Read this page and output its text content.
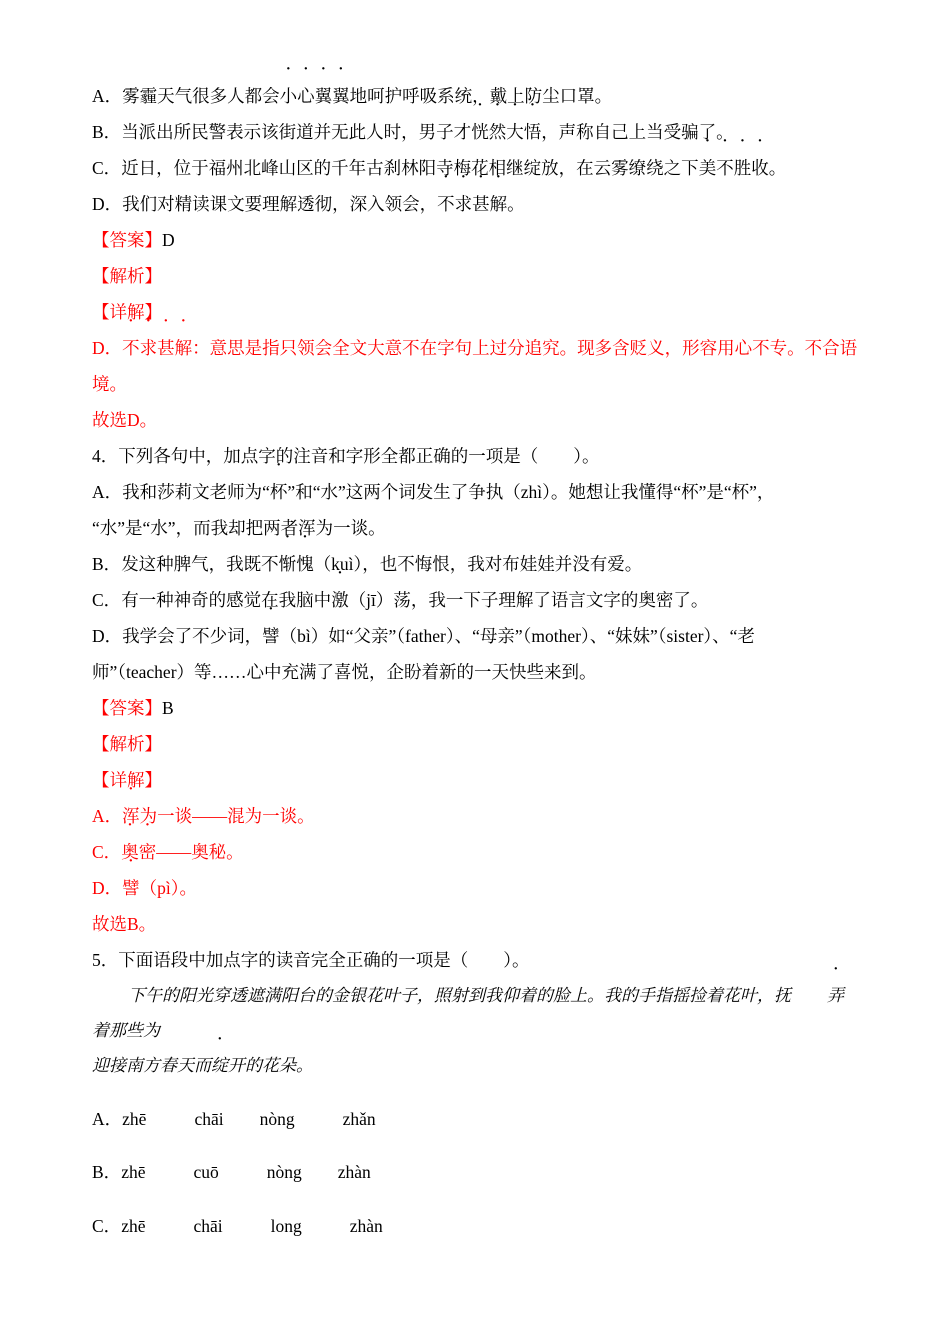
A．雾霾天气很多人都会小心翼翼地呵护呼吸系统，戴上防尘口罩。

B．当派出所民警表示该街道并无此人时，男子才恍然大悟，声称自己上当受骗了。

C．近日，位于福州北峰山区的千年古刹林阳寺梅花相继绽放，在云雾缭绕之下美不胜收。

D．我们对精读课文要理解透彻，深入领会，不求甚解。

【答案】D

【解析】

【详解】

D．不求甚解：意思是指只领会全文大意不在字句上过分追究。现多含贬义，形容用心不专。不合语境。

故选D。

4．下列各句中，加点字的注音和字形全都正确的一项是（        ）。

A．我和莎莉文老师为“杯”和“水”这两个词发生了争执（zhì）。她想让我懂得“杯”是“杯”，

“水”是“水”，而我却把两者浑为一谈。

B．发这种脾气，我既不惭愧（kuì），也不悔恨，我对布娃娃并没有爱。

C．有一种神奇的感觉在我脑中激（jī）荡，我一下子理解了语言文字的奥密了。

D．我学会了不少词，譬（bì）如“父亲”（father）、“母亲”（mother）、“妹妹”（sister）、“老

师”（teacher）等……心中充满了喜悦，企盼着新的一天快些来到。

【答案】B

【解析】

【详解】

A．浑为一谈——混为一谈。

C．奥密——奥秘。

D．譬（pì）。

故选B。

5．下面语段中加点字的读音完全正确的一项是（        ）。

下午的阳光穿透遮满阳台的金银花叶子，照射到我仰着的脸上。我的手指摇捡着花叶，抚 弄着那些为

迎接南方春天而绽开的花朵。

A．zhē	chāi nòng	zhǎn

B．zhē	cuō	nòng zhàn

C．zhē	chāi	long	zhàn
